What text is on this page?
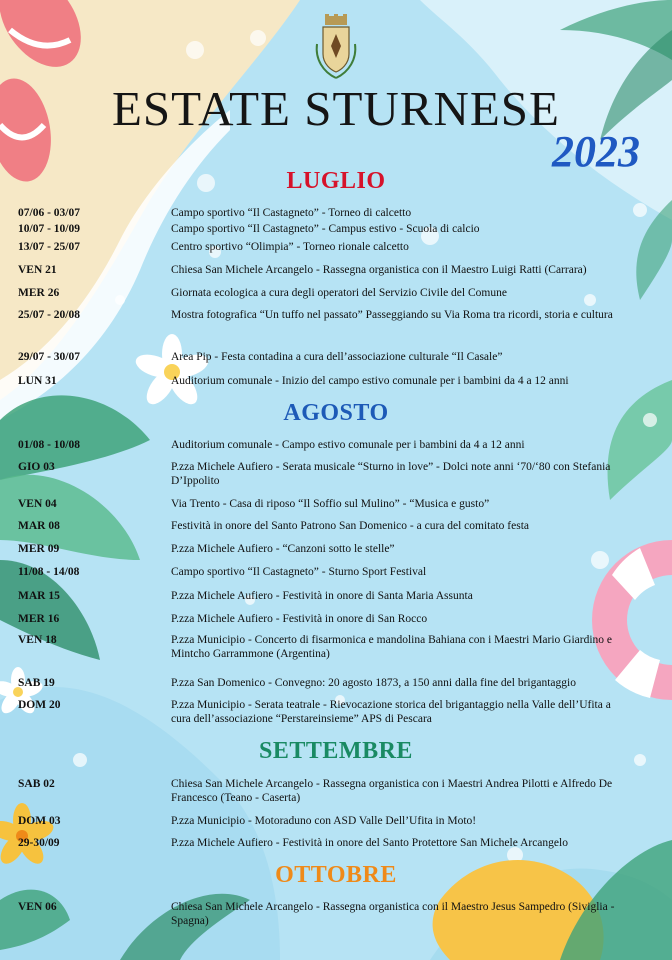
ESTATE STURNESE
2023
LUGLIO
07/06 - 03/07	Campo sportivo “Il Castagneto” - Torneo di calcetto
10/07 - 10/09	Campo sportivo “Il Castagneto” - Campus estivo - Scuola di calcio
13/07 - 25/07	Centro sportivo “Olimpia” - Torneo rionale calcetto
VEN 21	Chiesa San Michele Arcangelo - Rassegna organistica con il Maestro Luigi Ratti (Carrara)
MER 26	Giornata ecologica a cura degli operatori del Servizio Civile del Comune
25/07 - 20/08	Mostra fotografica “Un tuffo nel passato” Passeggiando su Via Roma tra ricordi, storia e cultura
29/07 - 30/07	Area Pip - Festa contadina a cura dell’associazione culturale “Il Casale”
LUN 31	Auditorium comunale - Inizio del campo estivo comunale per i bambini da 4 a 12 anni
AGOSTO
01/08 - 10/08	Auditorium comunale - Campo estivo comunale per i bambini da 4 a 12 anni
GIO 03	P.zza Michele Aufiero - Serata musicale “Sturno in love” - Dolci note anni ‘70/‘80 con Stefania D’Ippolito
VEN 04	Via Trento - Casa di riposo “Il Soffio sul Mulino” - “Musica e gusto”
MAR 08	Festività in onore del Santo Patrono San Domenico - a cura del comitato festa
MER 09	P.zza Michele Aufiero - “Canzoni sotto le stelle”
11/08 - 14/08	Campo sportivo “Il Castagneto” - Sturno Sport Festival
MAR 15	P.zza Michele Aufiero - Festività in onore di Santa Maria Assunta
MER 16	P.zza Michele Aufiero - Festività in onore di San Rocco
VEN 18	P.zza Municipio - Concerto di fisarmonica e mandolina Bahiana con i Maestri Mario Giardino e Mintcho Garrammone (Argentina)
SAB 19	P.zza San Domenico - Convegno: 20 agosto 1873, a 150 anni dalla fine del brigantaggio
DOM 20	P.zza Municipio - Serata teatrale - Rievocazione storica del brigantaggio nella Valle dell’Ufita a cura dell’associazione “Perstareinsieme” APS di Pescara
SETTEMBRE
SAB 02	Chiesa San Michele Arcangelo - Rassegna organistica con i Maestri Andrea Pilotti e Alfredo De Francesco (Teano - Caserta)
DOM 03	P.zza Municipio - Motoraduno con ASD Valle Dell’Ufita in Moto!
29-30/09	P.zza Michele Aufiero - Festività in onore del Santo Protettore San Michele Arcangelo
OTTOBRE
VEN 06	Chiesa San Michele Arcangelo - Rassegna organistica con il Maestro Jesus Sampedro (Siviglia - Spagna)
